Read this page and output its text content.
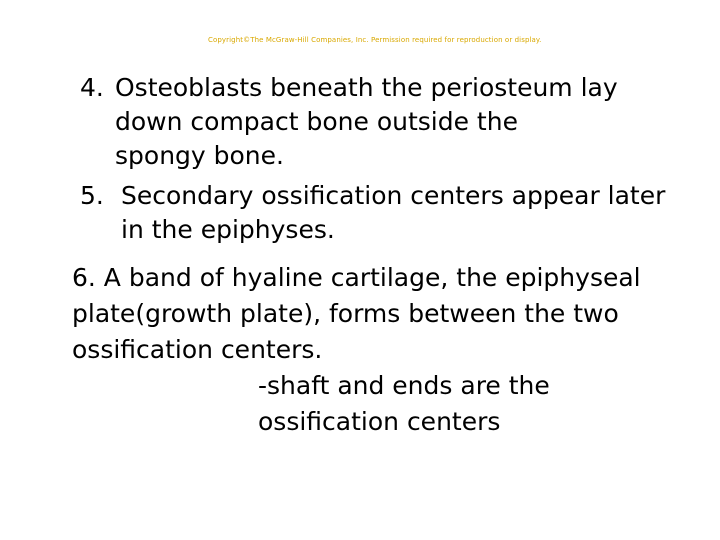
Copyright©The McGraw-Hill Companies, Inc. Permission required for reproduction or display.
4. Osteoblasts beneath the periosteum lay
down compact bone outside the
spongy bone.
5. Secondary ossification centers appear later
in the epiphyses.
6. A band of hyaline cartilage, the epiphyseal
plate(growth plate), forms between the two
ossification centers.
-shaft and ends are the
ossification centers
